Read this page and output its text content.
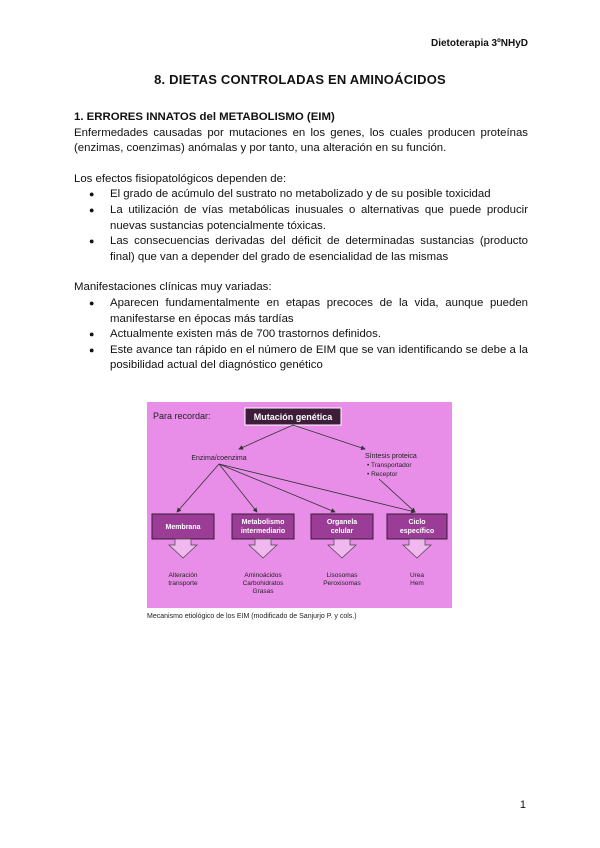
Dietoterapia 3ºNHyD
8. DIETAS CONTROLADAS EN AMINOÁCIDOS
1. ERRORES INNATOS del METABOLISMO (EIM)

Enfermedades causadas por mutaciones en los genes, los cuales producen proteínas (enzimas, coenzimas) anómalas y por tanto, una alteración en su función.

Los efectos fisiopatológicos dependen de:

● El grado de acúmulo del sustrato no metabolizado y de su posible toxicidad
● La utilización de vías metabólicas inusuales o alternativas que puede producir nuevas sustancias potencialmente tóxicas.
● Las consecuencias derivadas del déficit de determinadas sustancias (producto final) que van a depender del grado de esencialidad de las mismas

Manifestaciones clínicas muy variadas:

● Aparecen fundamentalmente en etapas precoces de la vida, aunque pueden manifestarse en épocas más tardías
● Actualmente existen más de 700 trastornos definidos.
● Este avance tan rápido en el número de EIM que se van identificando se debe a la posibilidad actual del diagnóstico genético
Para recordar:	Mutación genética
Enzima/coenzima	Síntesis proteica
• Transportador
• Receptor
Membrana
Metabolismo
intermediario
Organela
celular
Ciclo
específico
Alteración
transporte
Aminoácidos
Carbohidratos
Grasas
Lisosomas
Peroxisomas
Urea
Hem
Mecanismo etiológico de los EIM (modificado de Sanjurjo P. y cols.)
1
